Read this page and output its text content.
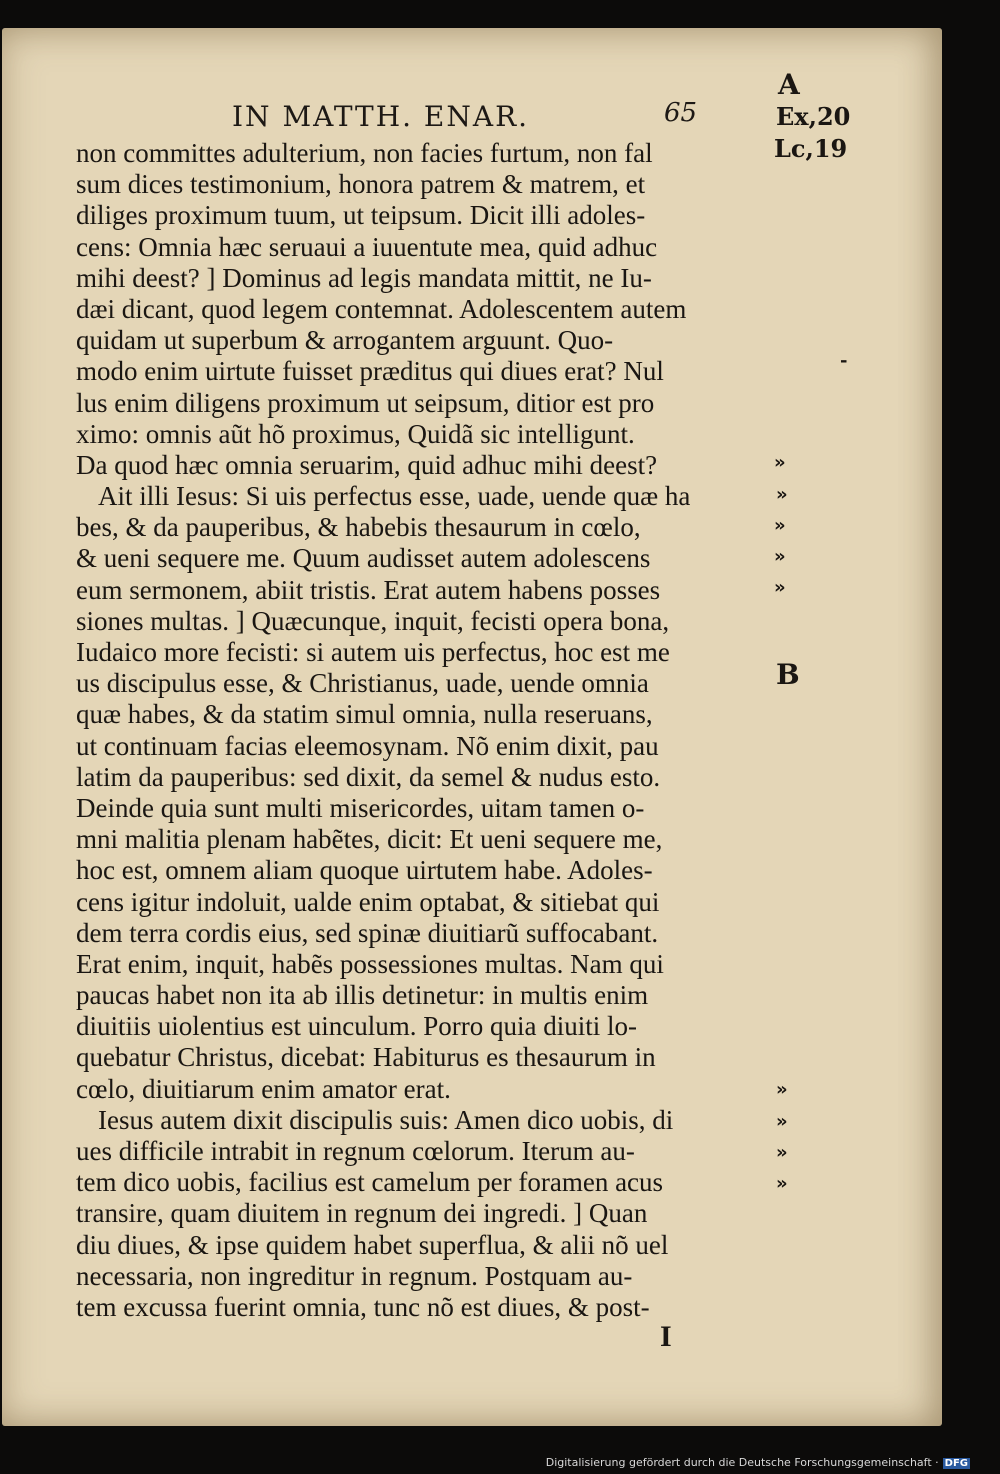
IN MATTH. ENAR.	65
non committes adulterium, non facies furtum, non fal
sum dices testimonium, honora patrem & matrem, et
diliges proximum tuum, ut teipsum. Dicit illi adoles-
cens: Omnia hæc seruaui a iuuentute mea, quid adhuc
mihi deest? ] Dominus ad legis mandata mittit, ne Iu-
dæi dicant, quod legem contemnat. Adolescentem autem
quidam ut superbum & arrogantem arguunt. Quo-
modo enim uirtute fuisset præditus qui diues erat? Nul
lus enim diligens proximum ut seipsum, ditior est pro
ximo: omnis aũt hõ proximus, Quidã sic intelligunt.
Da quod hæc omnia seruarim, quid adhuc mihi deest?
Ait illi Iesus: Si uis perfectus esse, uade, uende quæ ha
bes, & da pauperibus, & habebis thesaurum in cœlo,
& ueni sequere me. Quum audisset autem adolescens
eum sermonem, abiit tristis. Erat autem habens posses
siones multas. ] Quæcunque, inquit, fecisti opera bona,
Iudaico more fecisti: si autem uis perfectus, hoc est me
us discipulus esse, & Christianus, uade, uende omnia
quæ habes, & da statim simul omnia, nulla reseruans,
ut continuam facias eleemosynam. Nõ enim dixit, pau
latim da pauperibus: sed dixit, da semel & nudus esto.
Deinde quia sunt multi misericordes, uitam tamen o-
mni malitia plenam habẽtes, dicit: Et ueni sequere me,
hoc est, omnem aliam quoque uirtutem habe. Adoles-
cens igitur indoluit, ualde enim optabat, & sitiebat qui
dem terra cordis eius, sed spinæ diuitiarũ suffocabant.
Erat enim, inquit, habẽs possessiones multas. Nam qui
paucas habet non ita ab illis detinetur: in multis enim
diuitiis uiolentius est uinculum. Porro quia diuiti lo-
quebatur Christus, dicebat: Habiturus es thesaurum in
cœlo, diuitiarum enim amator erat.
Iesus autem dixit discipulis suis: Amen dico uobis, di
ues difficile intrabit in regnum cœlorum. Iterum au-
tem dico uobis, facilius est camelum per foramen acus
transire, quam diuitem in regnum dei ingredi. ] Quan
diu diues, & ipse quidem habet superflua, & alii nõ uel
necessaria, non ingreditur in regnum. Postquam au-
tem excussa fuerint omnia, tunc nõ est diues, & post-
A
Ex,20
Lc,19
-
B
»
»
»
»
»
»
»
»
»
I
Digitalisierung gefördert durch die Deutsche Forschungsgemeinschaft · DFG
